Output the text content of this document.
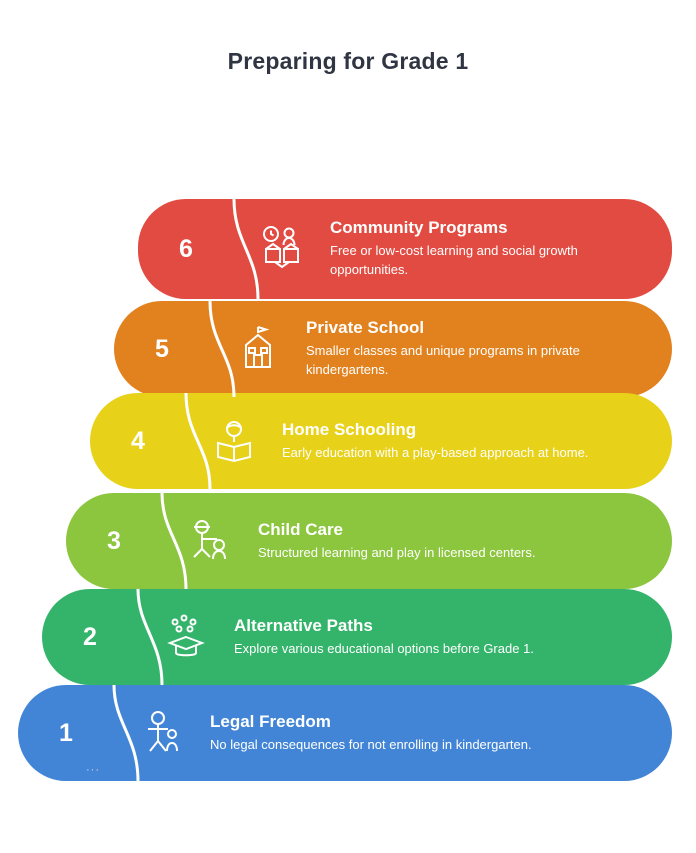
Preparing for Grade 1
6
Community Programs
Free or low-cost learning and social growth opportunities.
5
Private School
Smaller classes and unique programs in private kindergartens.
4	Home Schooling
Early education with a play-based approach at home.
3	Child Care
Structured learning and play in licensed centers.
2	Alternative Paths
Explore various educational options before Grade 1.
1	Legal Freedom
No legal consequences for not enrolling in kindergarten.
···
